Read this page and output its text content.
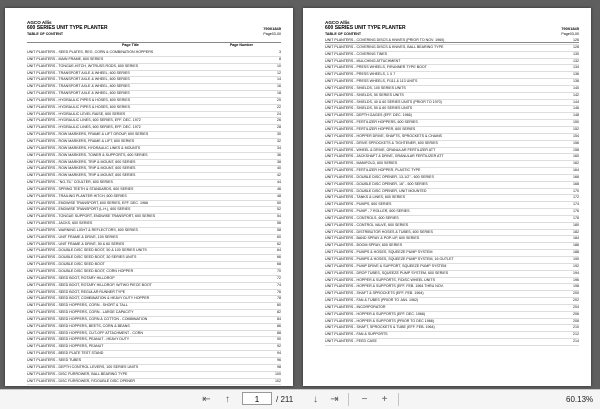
AGCO Allis
600 SERIES UNIT TYPE PLANTER
TABLE OF CONTENT
79001845
Page03-00
Page Title	Page Number
UNIT PLANTERS - SEED PLATES, REG. CORN & COMBINATION HOPPERS	3
UNIT PLANTERS - MAIN FRAME, 600 SERIES	8
UNIT PLANTERS - TONGUE-HITCH, W/TRUSS RODS, 600 SERIES	10
UNIT PLANTERS - TRANSPORT AXLE & WHEEL, 600 SERIES	12
UNIT PLANTERS - TRANSPORT AXLE & WHEEL, 600 SERIES	14
UNIT PLANTERS - TRANSPORT AXLE & WHEEL, 600 SERIES	16
UNIT PLANTERS - TRANSPORT AXLE & WHEEL, 600 SERIES	18
UNIT PLANTERS - HYDRAULIC PIPES & HOSES, 600 SERIES	20
UNIT PLANTERS - HYDRAULIC PIPES & HOSES, 600 SERIES	22
UNIT PLANTERS - HYDRAULIC LEVEL RAISE, 600 SERIES	24
UNIT PLANTERS - HYDRAULIC LINES, 600 SERIES, EFF. DEC. 1972	26
UNIT PLANTERS - HYDRAULIC LINES, 600 SERIES, EFF. DEC. 1972	28
UNIT PLANTERS - ROW MARKERS, FRAME & LIFT GROUP, 600 SERIES	30
UNIT PLANTERS - ROW MARKERS, FRAME & LIFT, 600 SERIES	32
UNIT PLANTERS - ROW MARKERS, HYDRAULIC LINES & MOUNTS	34
UNIT PLANTERS - ROW MARKERS, TOWER & SUPPORTS, 600 SERIES	36
UNIT PLANTERS - ROW MARKERS, TRIP & MOUNT, 600 SERIES	38
UNIT PLANTERS - ROW MARKERS, TRIP & MOUNT, 600 SERIES	40
UNIT PLANTERS - ROW MARKERS, TRIP & MOUNT, 600 SERIES	42
UNIT PLANTERS - "NO-TIL" COULTER, 600 SERIES	44
UNIT PLANTERS - SPRING TEETH & STANDARDS, 600 SERIES	46
UNIT PLANTERS - TRAILING PLANTER HITCH, 600 SERIES	48
UNIT PLANTERS - ENDWISE TRANSPORT, 600 SERIES, EFF. DEC. 1966	50
UNIT PLANTERS - ENDWISE TRANSPORT (L.H.), 600 SERIES	52
UNIT PLANTERS - TONGUE SUPPORT, ENDWISE TRANSPORT, 600 SERIES	54
UNIT PLANTERS - JACKS, 600 SERIES	56
UNIT PLANTERS - WARNING LIGHT & REFLECTORS, 600 SERIES	58
UNIT PLANTERS - UNIT FRAME & DRIVE, 100 SERIES	60
UNIT PLANTERS - UNIT FRAME & DRIVE, 50 & 60 SERIES	62
UNIT PLANTERS - DOUBLE DISC SEED BOOT, 50 & 100 SERIES UNITS	64
UNIT PLANTERS - DOUBLE DISC SEED BOOT, 30 SERIES UNITS	66
UNIT PLANTERS - DOUBLE DISC SEED BOOT	68
UNIT PLANTERS - DOUBLE DISC SEED BOOT, CORN HOPPER	70
UNIT PLANTERS - SEED BOOT, ROTARY HILLDROP	72
UNIT PLANTERS - SEED BOOT, ROTARY HILLDROP, W/TWO PIECE BOOT	74
UNIT PLANTERS - SEED BOOT, REGULAR RUNNER TYPE	76
UNIT PLANTERS - SEED BOOT, COMBINATION & HEAVY DUTY HOPPER	78
UNIT PLANTERS - SEED HOPPERS, CORN - SHORT & TALL	80
UNIT PLANTERS - SEED HOPPERS, CORN - LARGE CAPACITY	82
UNIT PLANTERS - SEED HOPPERS, CORN & COTTON - COMBINATION	84
UNIT PLANTERS - SEED HOPPERS, BEETS, CORN & BEANS	86
UNIT PLANTERS - SEED HOPPERS, CUT-OFF ATTACHMENT - CORN	88
UNIT PLANTERS - SEED HOPPERS, PEANUT - HEAVY DUTY	90
UNIT PLANTERS - SEED HOPPERS, PEANUT	92
UNIT PLANTERS - BEED PLATE TEST STAND	94
UNIT PLANTERS - SEED TUBES	96
UNIT PLANTERS - DEPTH CONTROL LEVERS, 100 SERIES UNITS	98
UNIT PLANTERS - DISC FURROWER, BALL BEARING TYPE	100
UNIT PLANTERS - DISC FURROWER, F/DOUBLE DISC OPENER	102
AGCO Allis
600 SERIES UNIT TYPE PLANTER
TABLE OF CONTENT
79001845
Page03-00
UNIT PLANTERS - COVERING DISCS & KNIVES (PRIOR TO NOV. 1960)	126
UNIT PLANTERS - COVERING DISCS & KNIVES, BALL BEARING TYPE	128
UNIT PLANTERS - COVERING TINES	130
UNIT PLANTERS - MULCHING ATTACHMENT	132
UNIT PLANTERS - PRESS WHEELS, F/RUNNER TYPE BOOT	134
UNIT PLANTERS - PRESS WHEELS, 1 X 7	136
UNIT PLANTERS - PRESS WHEELS, F/111 & 113 UNITS	138
UNIT PLANTERS - SHIELDS, 100 SERIES UNITS	140
UNIT PLANTERS - SHIELDS, 50 SERIES UNITS	142
UNIT PLANTERS - SHIELDS, 40 & 60 SERIES UNITS (PRIOR TO 1970)	144
UNIT PLANTERS - SHIELDS, 50 & 60 SERIES UNITS	146
UNIT PLANTERS - DEPTH GAGES (EFF. DEC. 1966)	148
UNIT PLANTERS - FERTILIZER HOPPERS, 600 SERIES	150
UNIT PLANTERS - FERTILIZER HOPPER, 600 SERIES	152
UNIT PLANTERS - HOPPER DRIVE, SHAFTS, SPROCKETS & CHAINS	154
UNIT PLANTERS - DRIVE SPROCKETS & TIGHTENER, 600 SERIES	156
UNIT PLANTERS - WHEEL & DRIVE, GRANULAR FERTILIZER ATT	158
UNIT PLANTERS - JACKSHAFT & DRIVE, GRANULAR FERTILIZER ATT	160
UNIT PLANTERS - MANIFOLD, 600 SERIES	162
UNIT PLANTERS - FERTILIZER HOPPER, PLASTIC TYPE	164
UNIT PLANTERS - DOUBLE DISC OPENER, 13-1/2" - 600 SERIES	166
UNIT PLANTERS - DOUBLE DISC OPENER, 16" - 600 SERIES	168
UNIT PLANTERS - DOUBLE DISC OPENER, UNIT MOUNTED	170
UNIT PLANTERS - TANKS & LINES, 600 SERIES	172
UNIT PLANTERS - PUMPS, 600 SERIES	174
UNIT PLANTERS - PUMP - 7 ROLLER, 600 SERIES	176
UNIT PLANTERS - CONTROLS, 600 SERIES	178
UNIT PLANTERS - CONTROL VALVE, 600 SERIES	180
UNIT PLANTERS - DISTRIBUTOR HOSES & TUBES, 600 SERIES	182
UNIT PLANTERS - BAND SPRAY & POP-UP, 600 SERIES	184
UNIT PLANTERS - BOOM SPRAY, 600 SERIES	186
UNIT PLANTERS - PUMPS & HOSES, SQUEEZE PUMP SYSTEM	188
UNIT PLANTERS - PUMPS & HOSES, SQUEEZE PUMP SYSTEM, 16 OUTLET	190
UNIT PLANTERS - PUMP DRIVE & SUPPORT, SQUEEZE PUMP SYSTEM	192
UNIT PLANTERS - DROP TUBES, SQUEEZE PUMP SYSTEM, 600 SERIES	194
UNIT PLANTERS - HOPPER & SUPPORTS, F/DISC WHEEL UNITS	196
UNIT PLANTERS - HOPPER & SUPPORTS (EFF. FEB. 1964 THRU NOV.	198
UNIT PLANTERS - SHAFT & SPROCKETS (EFF. FEB. 1964)	200
UNIT PLANTERS - FAN & TUBES (PRIOR TO JAN. 1962)	202
UNIT PLANTERS - INCORPORATOR	204
UNIT PLANTERS - HOPPER & SUPPORTS (EFF. DEC. 1966)	206
UNIT PLANTERS - HOPPER & SUPPORTS (PRIOR TO DEC 1966)	208
UNIT PLANTERS - SHAFT, SPROCKETS & TUBE (EFF. FEB. 1964)	210
UNIT PLANTERS - FAN & SUPPORTS	212
UNIT PLANTERS - FEED CASE	214
⇤	↑	1	/ 211	↓	⇥	−	+	60.13%
